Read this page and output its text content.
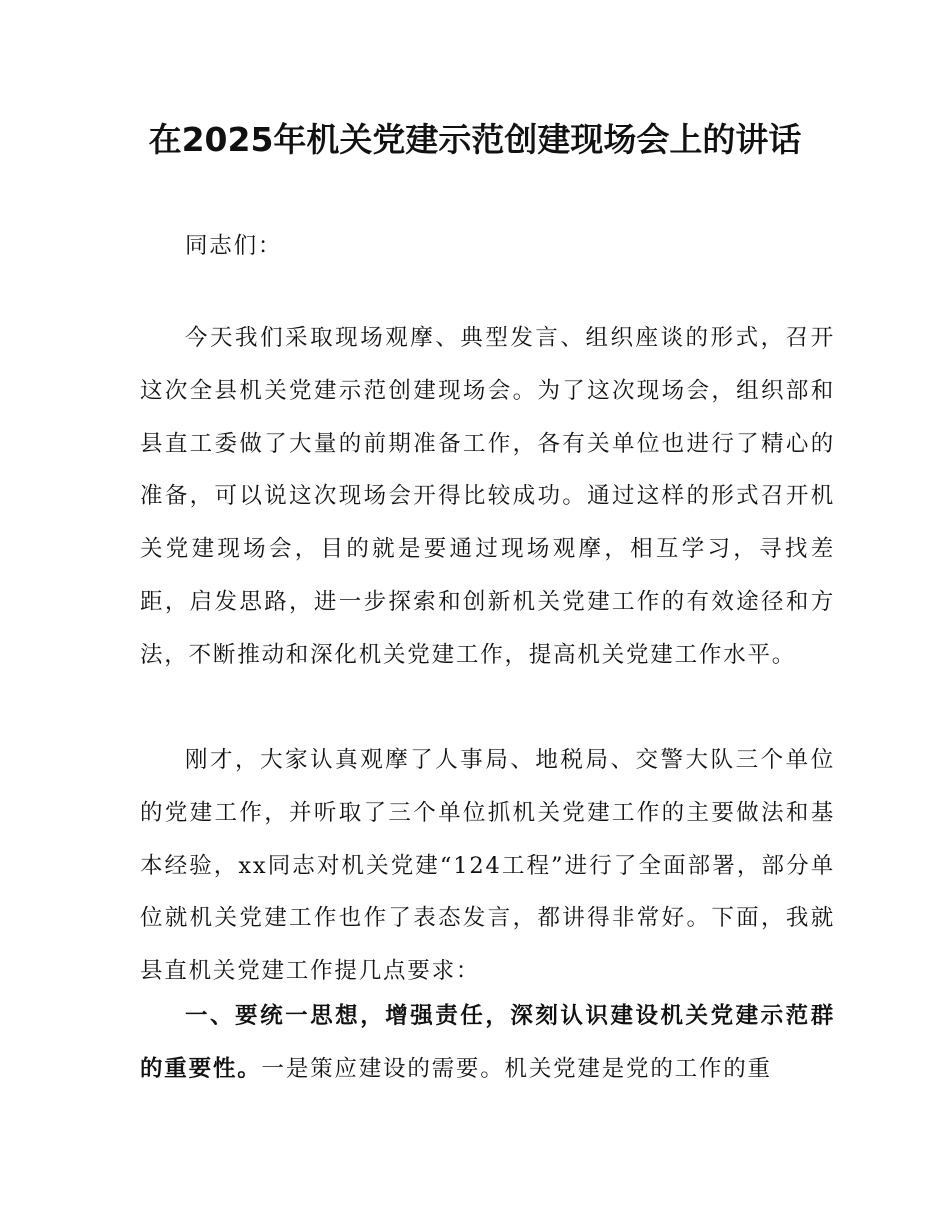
在2025年机关党建示范创建现场会上的讲话

同志们：

今天我们采取现场观摩、典型发言、组织座谈的形式，召开这次全县机关党建示范创建现场会。为了这次现场会，组织部和县直工委做了大量的前期准备工作，各有关单位也进行了精心的准备，可以说这次现场会开得比较成功。通过这样的形式召开机关党建现场会，目的就是要通过现场观摩，相互学习，寻找差距，启发思路，进一步探索和创新机关党建工作的有效途径和方法，不断推动和深化机关党建工作，提高机关党建工作水平。

刚才，大家认真观摩了人事局、地税局、交警大队三个单位的党建工作，并听取了三个单位抓机关党建工作的主要做法和基本经验，xx同志对机关党建“124工程”进行了全面部署，部分单位就机关党建工作也作了表态发言，都讲得非常好。下面，我就县直机关党建工作提几点要求：

一、要统一思想，增强责任，深刻认识建设机关党建示范群的重要性。一是策应建设的需要。机关党建是党的工作的重
